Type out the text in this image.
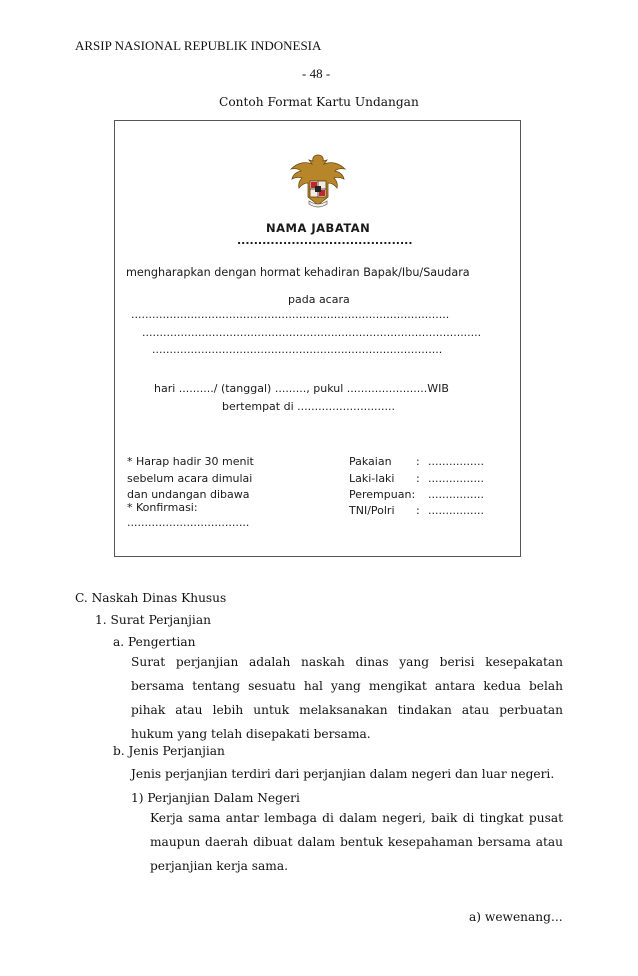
ARSIP NASIONAL REPUBLIK INDONESIA
- 48 -
Contoh Format Kartu Undangan
NAMA JABATAN
..........................................
mengharapkan dengan hormat kehadiran Bapak/Ibu/Saudara
pada acara
...........................................................................................
.................................................................................................
...................................................................................
hari ........../ (tanggal) ........., pukul .......................WIB
bertempat di ............................
* Harap hadir 30 menit
sebelum acara dimulai
dan undangan dibawa
* Konfirmasi:
...................................
Pakaian
Laki-laki
Perempuan:
TNI/Polri
:
:
:
................
................
................
................
C. Naskah Dinas Khusus
1. Surat Perjanjian
a. Pengertian
Surat perjanjian adalah naskah dinas yang berisi kesepakatan bersama tentang sesuatu hal yang mengikat antara kedua belah pihak atau lebih untuk melaksanakan tindakan atau perbuatan hukum yang telah disepakati bersama.
b. Jenis Perjanjian
Jenis perjanjian terdiri dari perjanjian dalam negeri dan luar negeri.
1) Perjanjian Dalam Negeri
Kerja sama antar lembaga di dalam negeri, baik di tingkat pusat maupun daerah dibuat dalam bentuk kesepahaman bersama atau perjanjian kerja sama.
a) wewenang...
